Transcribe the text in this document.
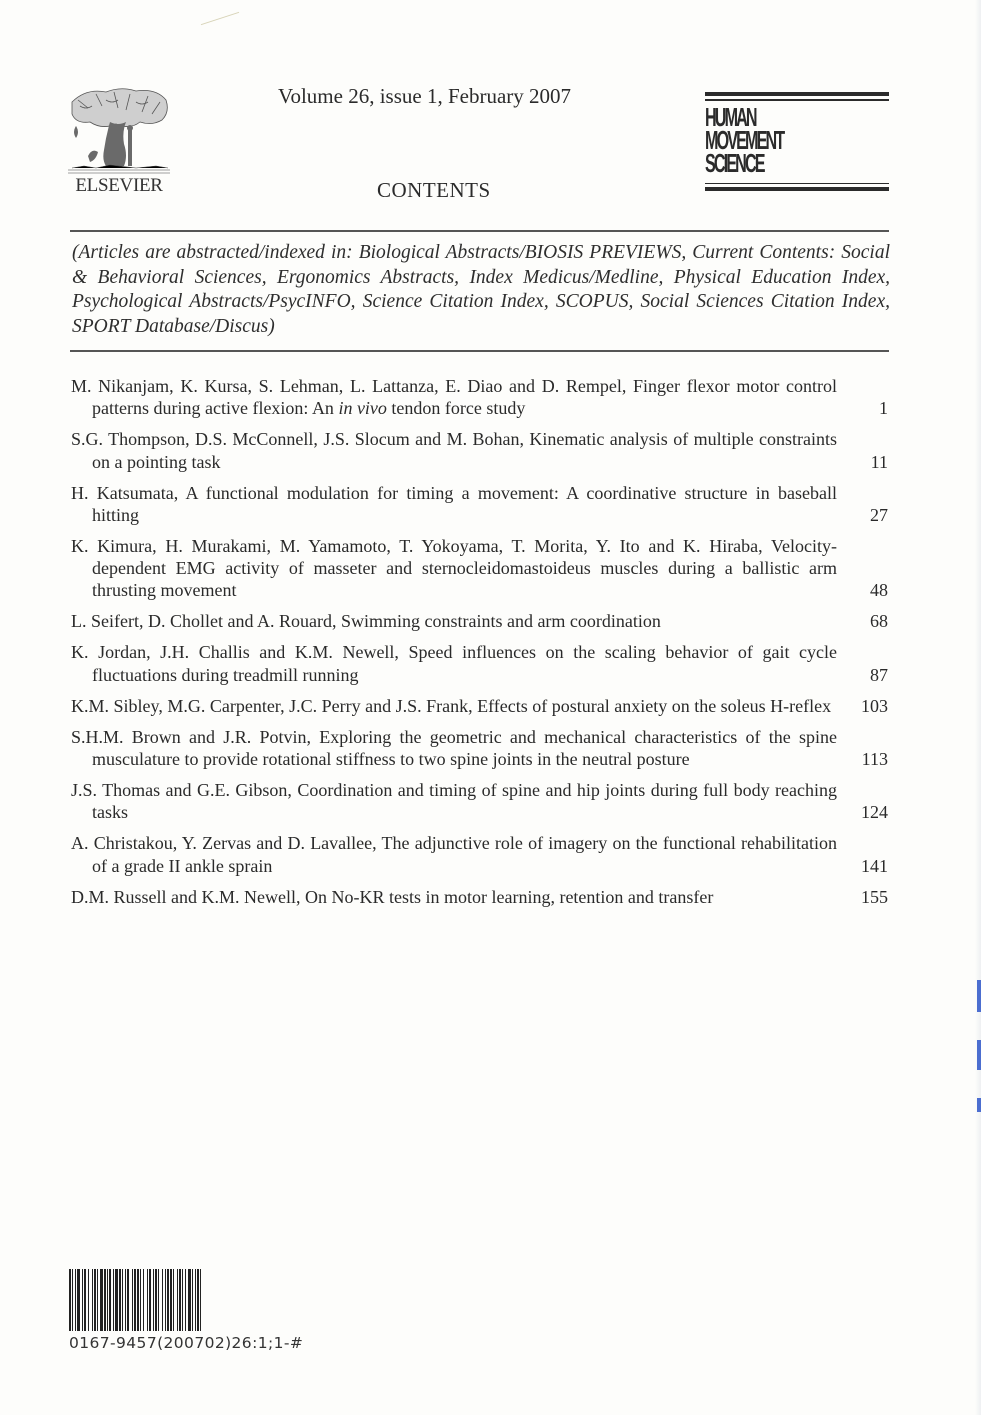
ELSEVIER
Volume 26, issue 1, February 2007
CONTENTS
HUMAN
MOVEMENT
SCIENCE
(Articles are abstracted/indexed in: Biological Abstracts/BIOSIS PREVIEWS, Current Contents: Social & Behavioral Sciences, Ergonomics Abstracts, Index Medicus/Medline, Physical Education Index, Psychological Abstracts/PsycINFO, Science Citation Index, SCOPUS, Social Sciences Citation Index, SPORT Database/Discus)
M. Nikanjam, K. Kursa, S. Lehman, L. Lattanza, E. Diao and D. Rempel, Finger flexor motor control patterns during active flexion: An in vivo tendon force study	1
S.G. Thompson, D.S. McConnell, J.S. Slocum and M. Bohan, Kinematic analysis of multiple constraints on a pointing task	11
H. Katsumata, A functional modulation for timing a movement: A coordinative structure in baseball hitting	27
K. Kimura, H. Murakami, M. Yamamoto, T. Yokoyama, T. Morita, Y. Ito and K. Hiraba, Velocity-dependent EMG activity of masseter and sternocleidomastoideus muscles during a ballistic arm thrusting movement	48
L. Seifert, D. Chollet and A. Rouard, Swimming constraints and arm coordination	68
K. Jordan, J.H. Challis and K.M. Newell, Speed influences on the scaling behavior of gait cycle fluctuations during treadmill running	87
K.M. Sibley, M.G. Carpenter, J.C. Perry and J.S. Frank, Effects of postural anxiety on the soleus H-reflex	103
S.H.M. Brown and J.R. Potvin, Exploring the geometric and mechanical characteristics of the spine musculature to provide rotational stiffness to two spine joints in the neutral posture	113
J.S. Thomas and G.E. Gibson, Coordination and timing of spine and hip joints during full body reaching tasks	124
A. Christakou, Y. Zervas and D. Lavallee, The adjunctive role of imagery on the functional rehabilitation of a grade II ankle sprain	141
D.M. Russell and K.M. Newell, On No-KR tests in motor learning, retention and transfer	155
0167-9457(200702)26:1;1-#
